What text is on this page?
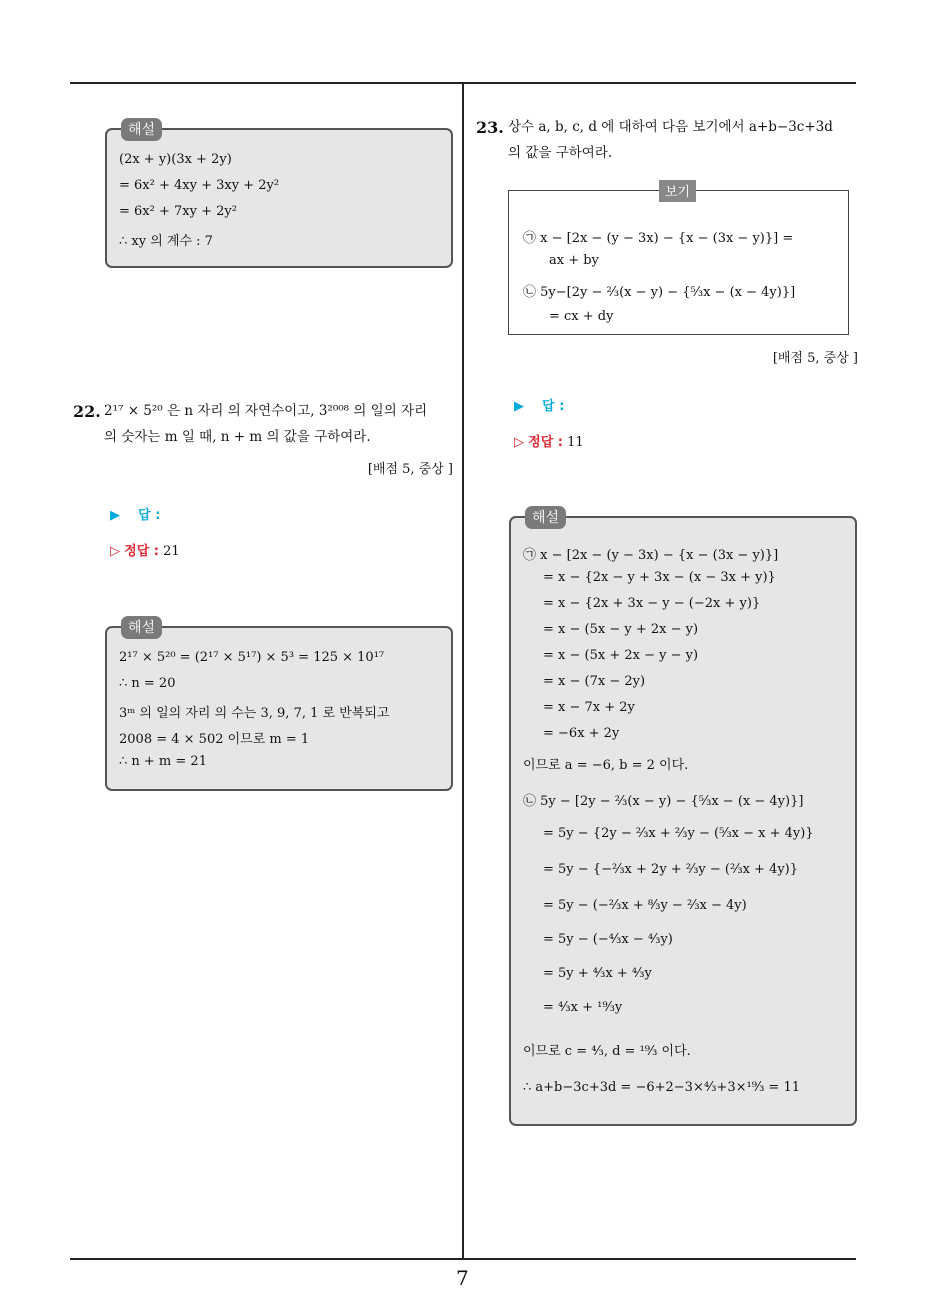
해설
(2x + y)(3x + 2y)
= 6x² + 4xy + 3xy + 2y²
= 6x² + 7xy + 2y²
∴ xy 의 계수 : 7
22. 2¹⁷ × 5²⁰ 은 n 자리 의 자연수이고, 3²⁰⁰⁸ 의 일의 자리
의 숫자는 m 일 때, n + m 의 값을 구하여라.
[배점 5, 중상 ]
▶ 답 :
▷ 정답 : 21
해설
2¹⁷ × 5²⁰ = (2¹⁷ × 5¹⁷) × 5³ = 125 × 10¹⁷
∴ n = 20
3ᵐ 의 일의 자리 의 수는 3, 9, 7, 1 로 반복되고
2008 = 4 × 502 이므로 m = 1
∴ n + m = 21
23. 상수 a, b, c, d 에 대하여 다음 보기에서 a+b−3c+3d
의 값을 구하여라.
보기
㉠ x − [2x − (y − 3x) − {x − (3x − y)}] =
ax + by
㉡ 5y−[2y − ²⁄₃(x − y) − {⁵⁄₃x − (x − 4y)}]
= cx + dy
[배점 5, 중상 ]
▶ 답 :
▷ 정답 : 11
해설
㉠ x − [2x − (y − 3x) − {x − (3x − y)}]
= x − {2x − y + 3x − (x − 3x + y)}
= x − {2x + 3x − y − (−2x + y)}
= x − (5x − y + 2x − y)
= x − (5x + 2x − y − y)
= x − (7x − 2y)
= x − 7x + 2y
= −6x + 2y
이므로 a = −6, b = 2 이다.
㉡ 5y − [2y − ²⁄₃(x − y) − {⁵⁄₃x − (x − 4y)}]
= 5y − {2y − ²⁄₃x + ²⁄₃y − (⁵⁄₃x − x + 4y)}
= 5y − {−²⁄₃x + 2y + ²⁄₃y − (²⁄₃x + 4y)}
= 5y − (−²⁄₃x + ⁸⁄₃y − ²⁄₃x − 4y)
= 5y − (−⁴⁄₃x − ⁴⁄₃y)
= 5y + ⁴⁄₃x + ⁴⁄₃y
= ⁴⁄₃x + ¹⁹⁄₃y
이므로 c = ⁴⁄₃, d = ¹⁹⁄₃ 이다.
∴ a+b−3c+3d = −6+2−3×⁴⁄₃+3×¹⁹⁄₃ = 11
7
